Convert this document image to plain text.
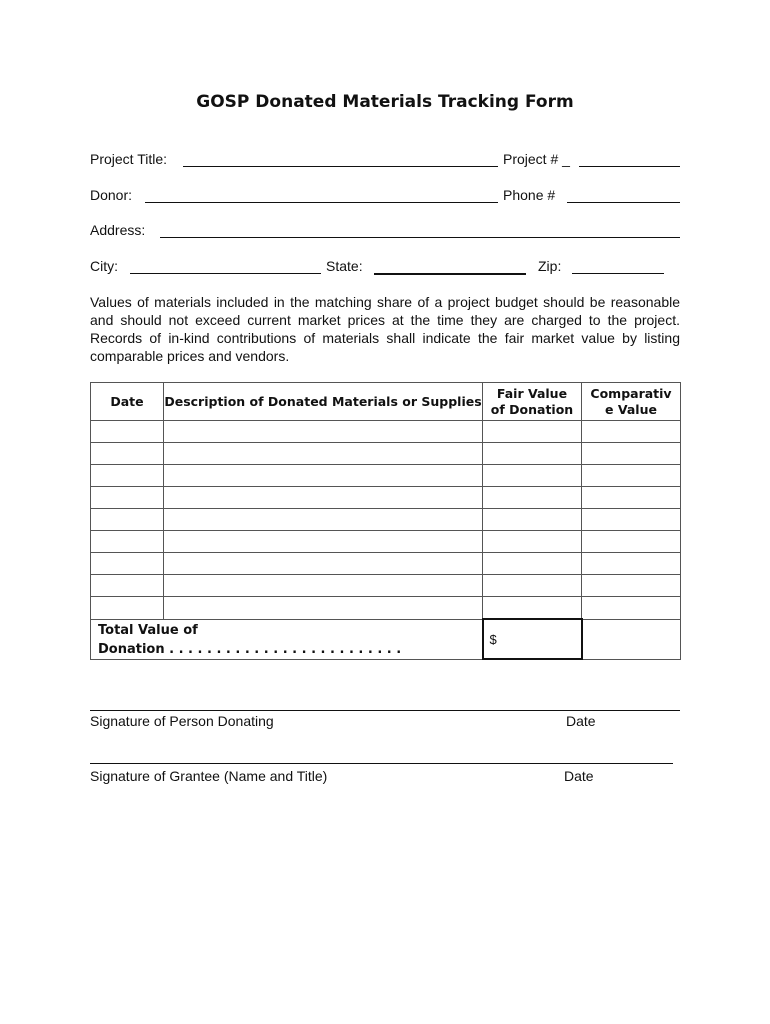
GOSP Donated Materials Tracking Form
Project Title:	Project # _
Donor:	Phone #
Address:
City:	State:	Zip:
Values of materials included in the matching share of a project budget should be reasonable and should not exceed current market prices at the time they are charged to the project. Records of in-kind contributions of materials shall indicate the fair market value by listing comparable prices and vendors.
Date	Description of Donated Materials or Supplies	Fair Value of Donation	Comparativ
e Value

Total Value of
Donation . . . . . . . . . . . . . . . . . . . . . . . . .		$	
Signature of Person Donating	Date
Signature of Grantee (Name and Title)	Date
